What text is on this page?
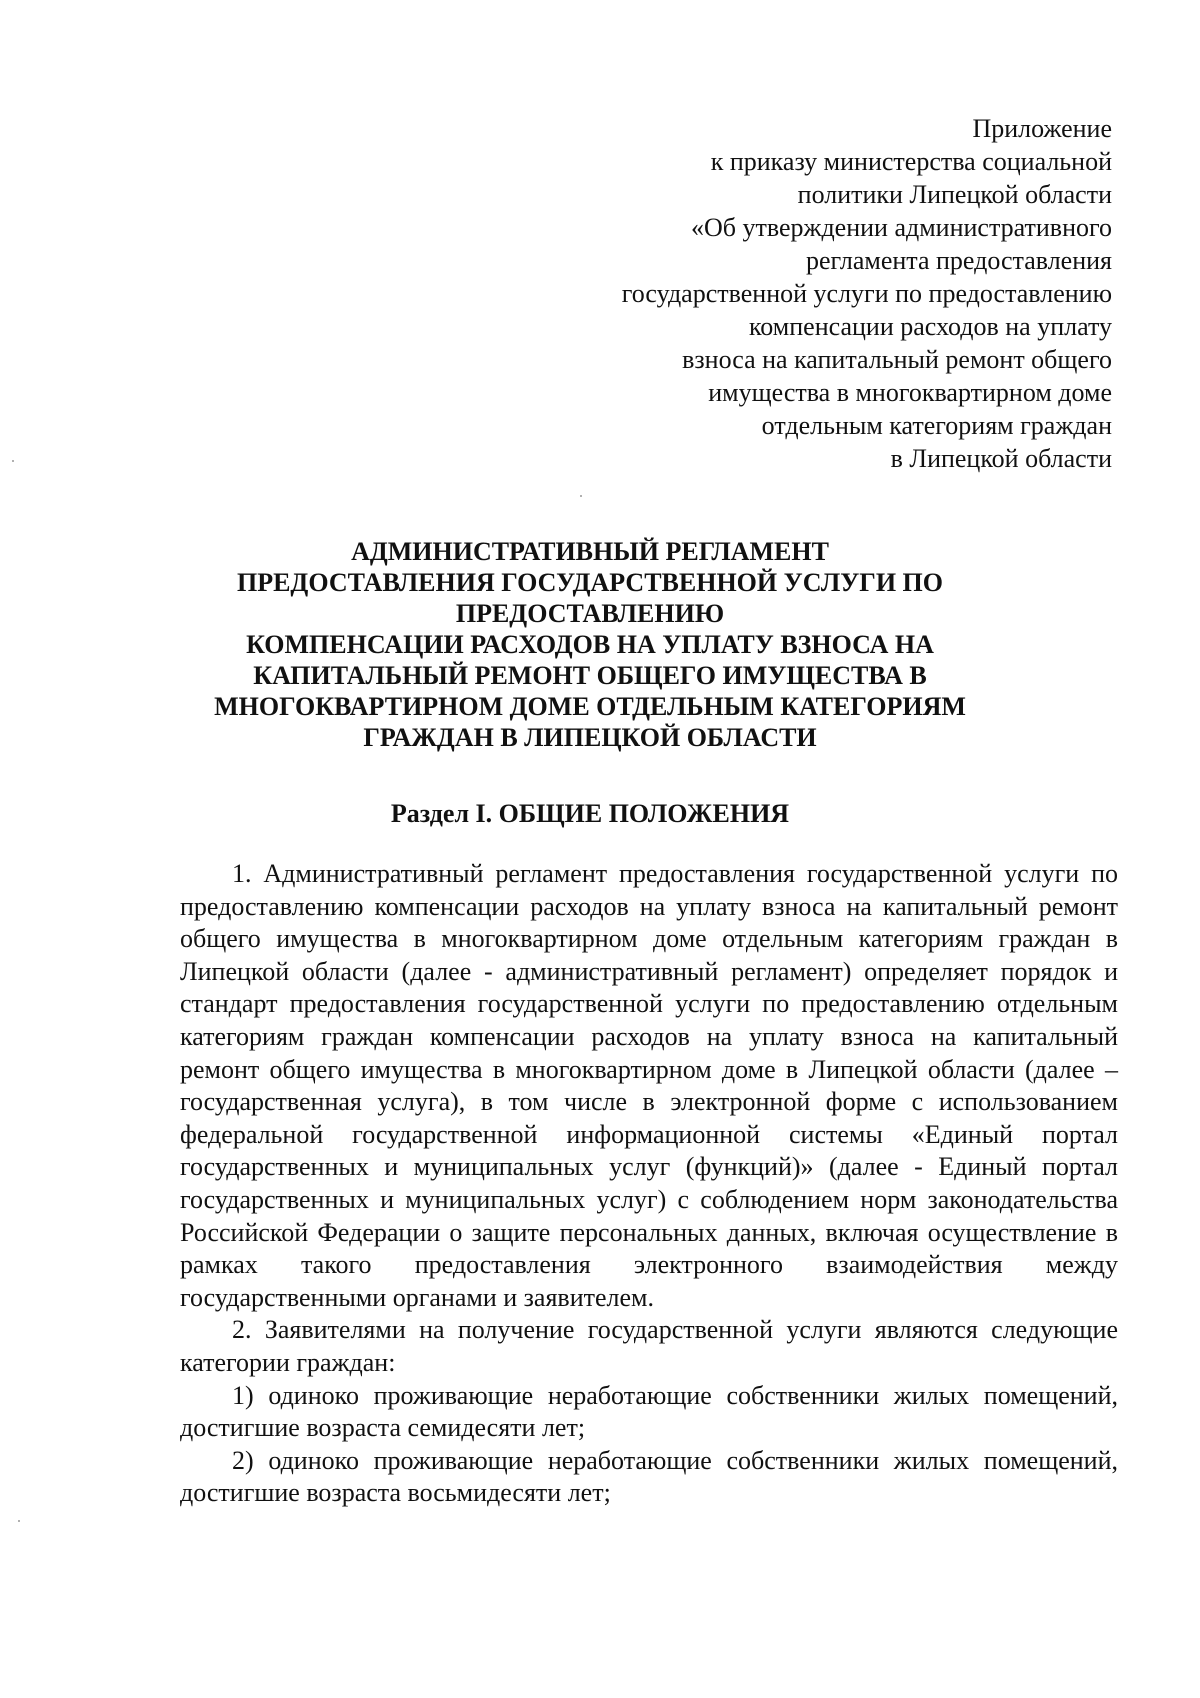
Приложение
к приказу министерства социальной
политики Липецкой области
«Об утверждении административного
регламента предоставления
государственной услуги по предоставлению
компенсации расходов на уплату
взноса на капитальный ремонт общего
имущества в многоквартирном доме
отдельным категориям граждан
в Липецкой области
АДМИНИСТРАТИВНЫЙ РЕГЛАМЕНТ
ПРЕДОСТАВЛЕНИЯ ГОСУДАРСТВЕННОЙ УСЛУГИ ПО
ПРЕДОСТАВЛЕНИЮ
КОМПЕНСАЦИИ РАСХОДОВ НА УПЛАТУ ВЗНОСА НА
КАПИТАЛЬНЫЙ РЕМОНТ ОБЩЕГО ИМУЩЕСТВА В
МНОГОКВАРТИРНОМ ДОМЕ ОТДЕЛЬНЫМ КАТЕГОРИЯМ
ГРАЖДАН В ЛИПЕЦКОЙ ОБЛАСТИ
Раздел I. ОБЩИЕ ПОЛОЖЕНИЯ

1. Административный регламент предоставления государственной услуги по предоставлению компенсации расходов на уплату взноса на капитальный ремонт общего имущества в многоквартирном доме отдельным категориям граждан в Липецкой области (далее - административный регламент) определяет порядок и стандарт предоставления государственной услуги по предоставлению отдельным категориям граждан компенсации расходов на уплату взноса на капитальный ремонт общего имущества в многоквартирном доме в Липецкой области (далее – государственная услуга), в том числе в электронной форме с использованием федеральной государственной информационной системы «Единый портал государственных и муниципальных услуг (функций)» (далее - Единый портал государственных и муниципальных услуг) с соблюдением норм законодательства Российской Федерации о защите персональных данных, включая осуществление в рамках такого предоставления электронного взаимодействия между государственными органами и заявителем.

2. Заявителями на получение государственной услуги являются следующие категории граждан:

1) одиноко проживающие неработающие собственники жилых помещений, достигшие возраста семидесяти лет;

2) одиноко проживающие неработающие собственники жилых помещений, достигшие возраста восьмидесяти лет;
